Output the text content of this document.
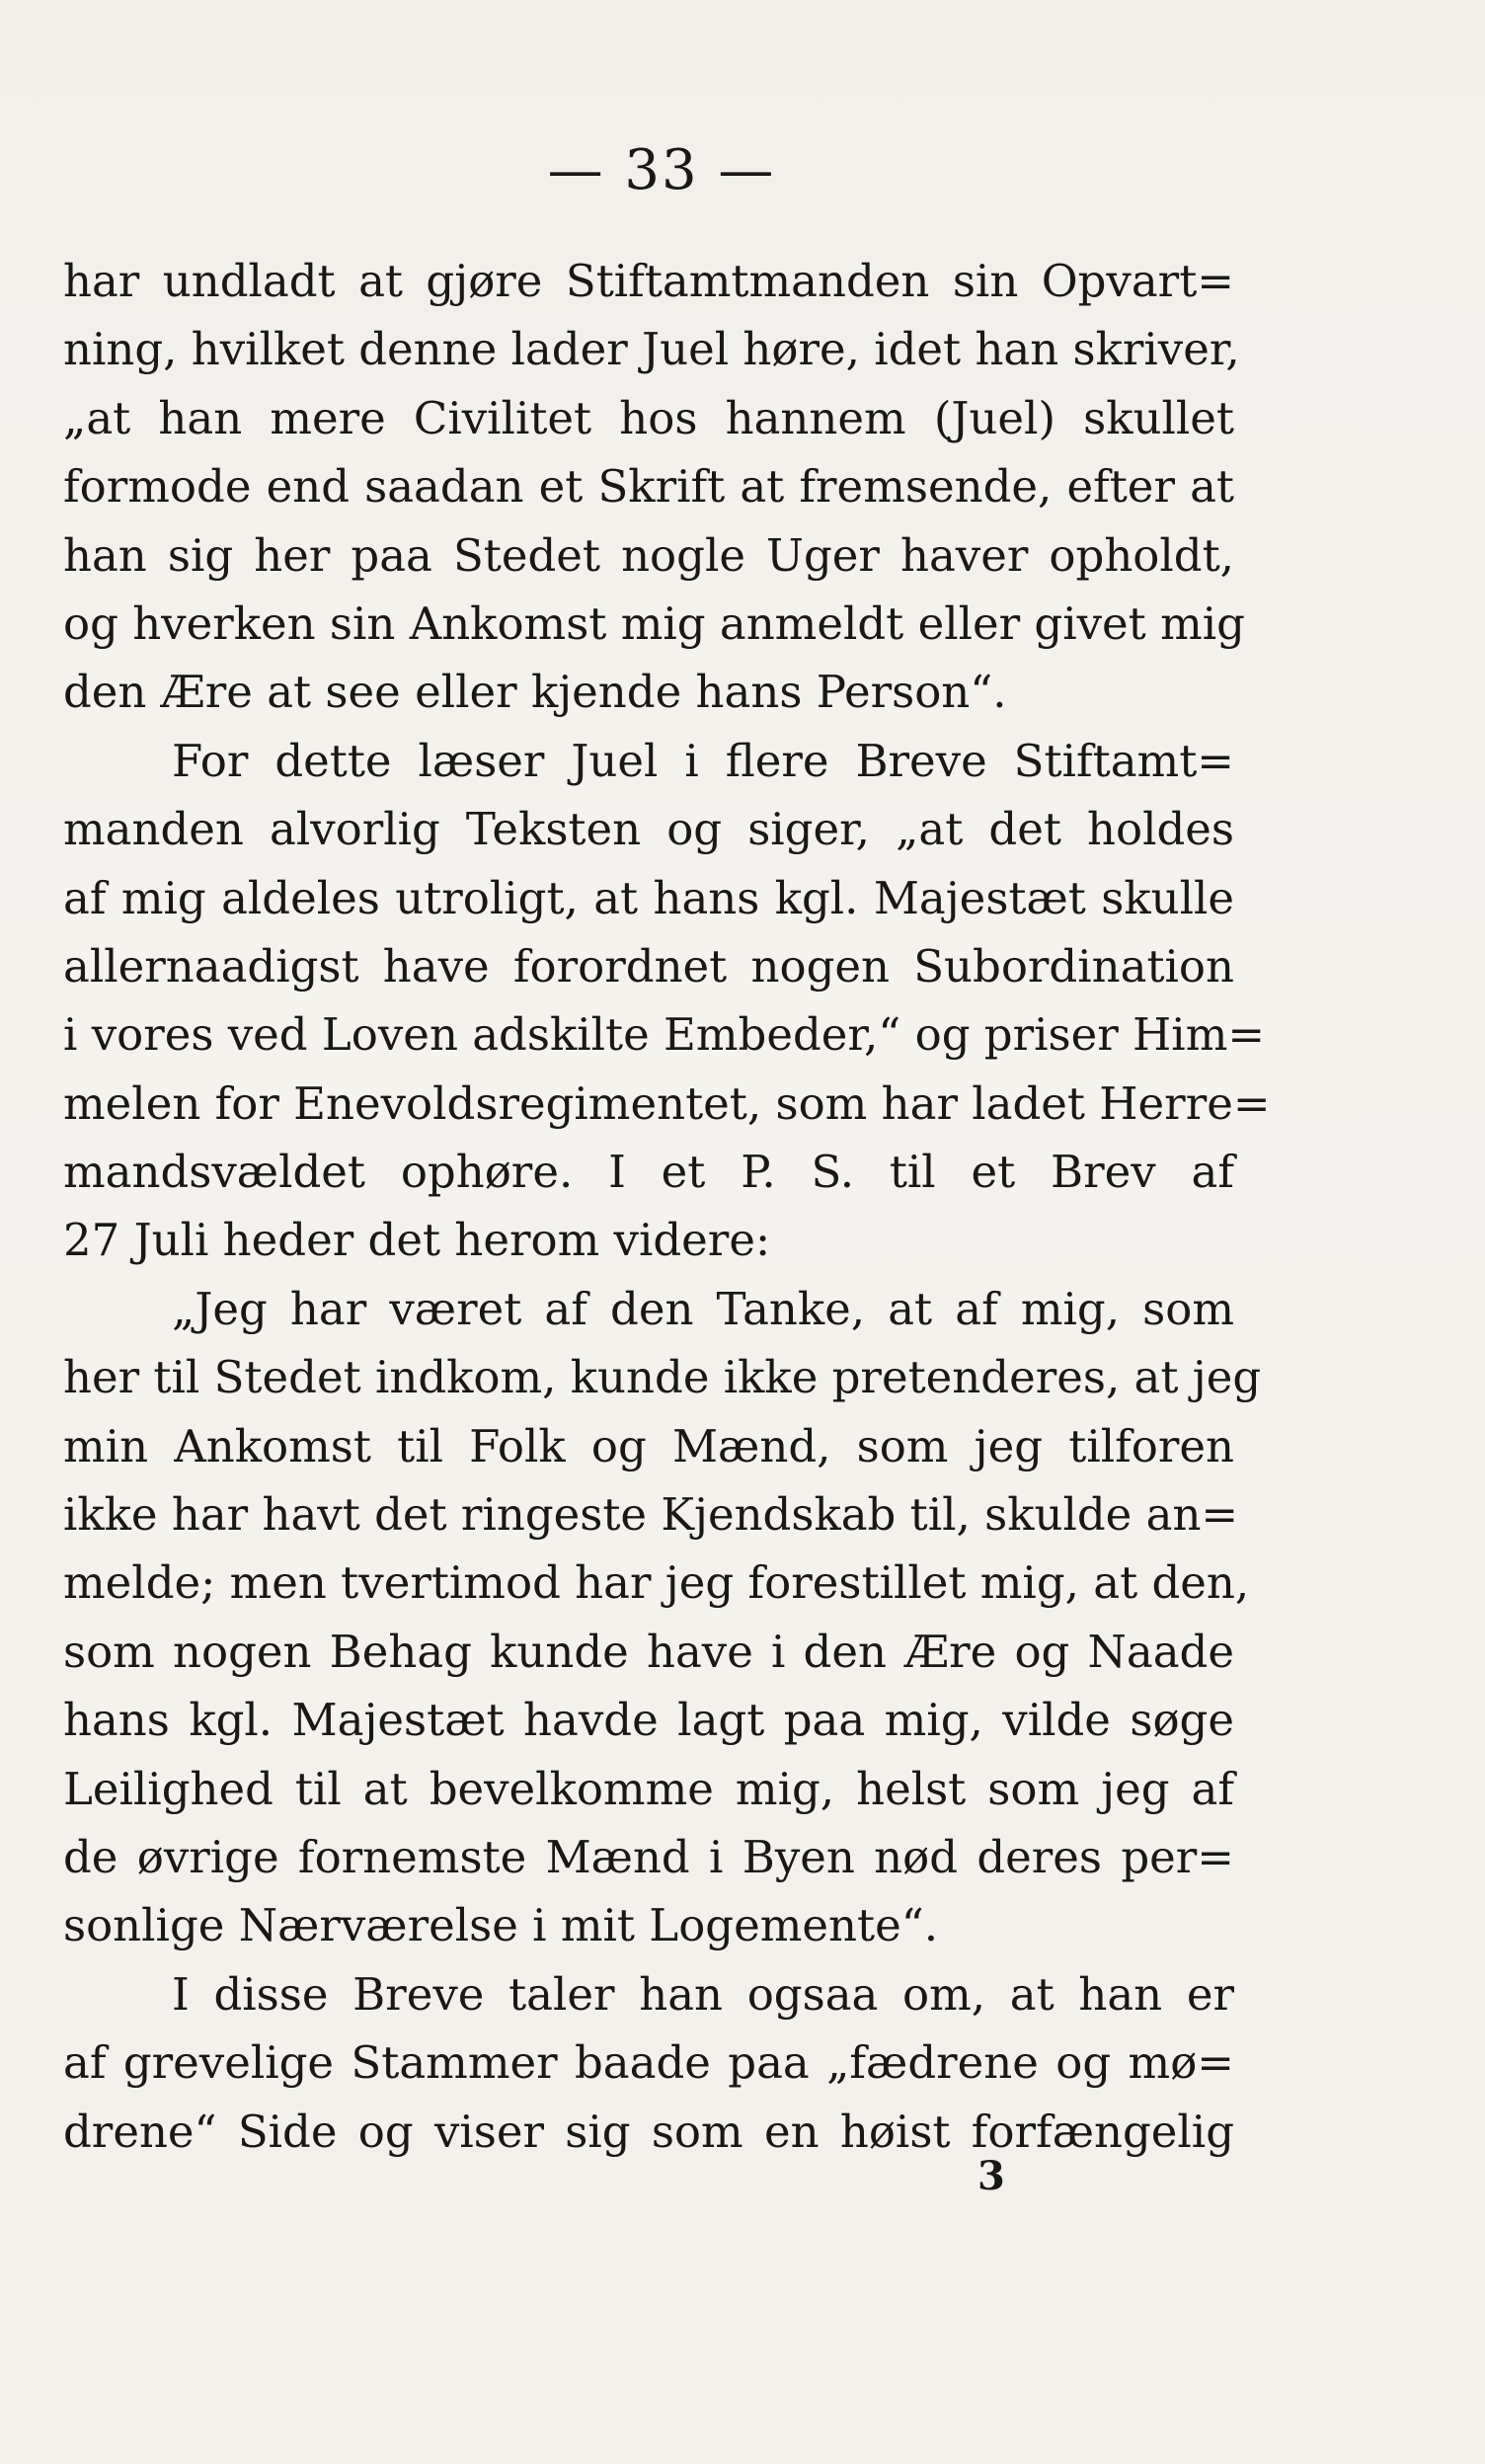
— 33 —
har undladt at gjøre Stiftamtmanden sin Opvart=
ning, hvilket denne lader Juel høre, idet han skriver,
„at han mere Civilitet hos hannem (Juel) skullet
formode end saadan et Skrift at fremsende, efter at
han sig her paa Stedet nogle Uger haver opholdt,
og hverken sin Ankomst mig anmeldt eller givet mig
den Ære at see eller kjende hans Person“.
For dette læser Juel i flere Breve Stiftamt=
manden alvorlig Teksten og siger, „at det holdes
af mig aldeles utroligt, at hans kgl. Majestæt skulle
allernaadigst have forordnet nogen Subordination
i vores ved Loven adskilte Embeder,“ og priser Him=
melen for Enevoldsregimentet, som har ladet Herre=
mandsvældet ophøre. I et P. S. til et Brev af
27 Juli heder det herom videre:
„Jeg har været af den Tanke, at af mig, som
her til Stedet indkom, kunde ikke pretenderes, at jeg
min Ankomst til Folk og Mænd, som jeg tilforen
ikke har havt det ringeste Kjendskab til, skulde an=
melde; men tvertimod har jeg forestillet mig, at den,
som nogen Behag kunde have i den Ære og Naade
hans kgl. Majestæt havde lagt paa mig, vilde søge
Leilighed til at bevelkomme mig, helst som jeg af
de øvrige fornemste Mænd i Byen nød deres per=
sonlige Nærværelse i mit Logemente“.
I disse Breve taler han ogsaa om, at han er
af grevelige Stammer baade paa „fædrene og mø=
drene“ Side og viser sig som en høist forfængelig
3
